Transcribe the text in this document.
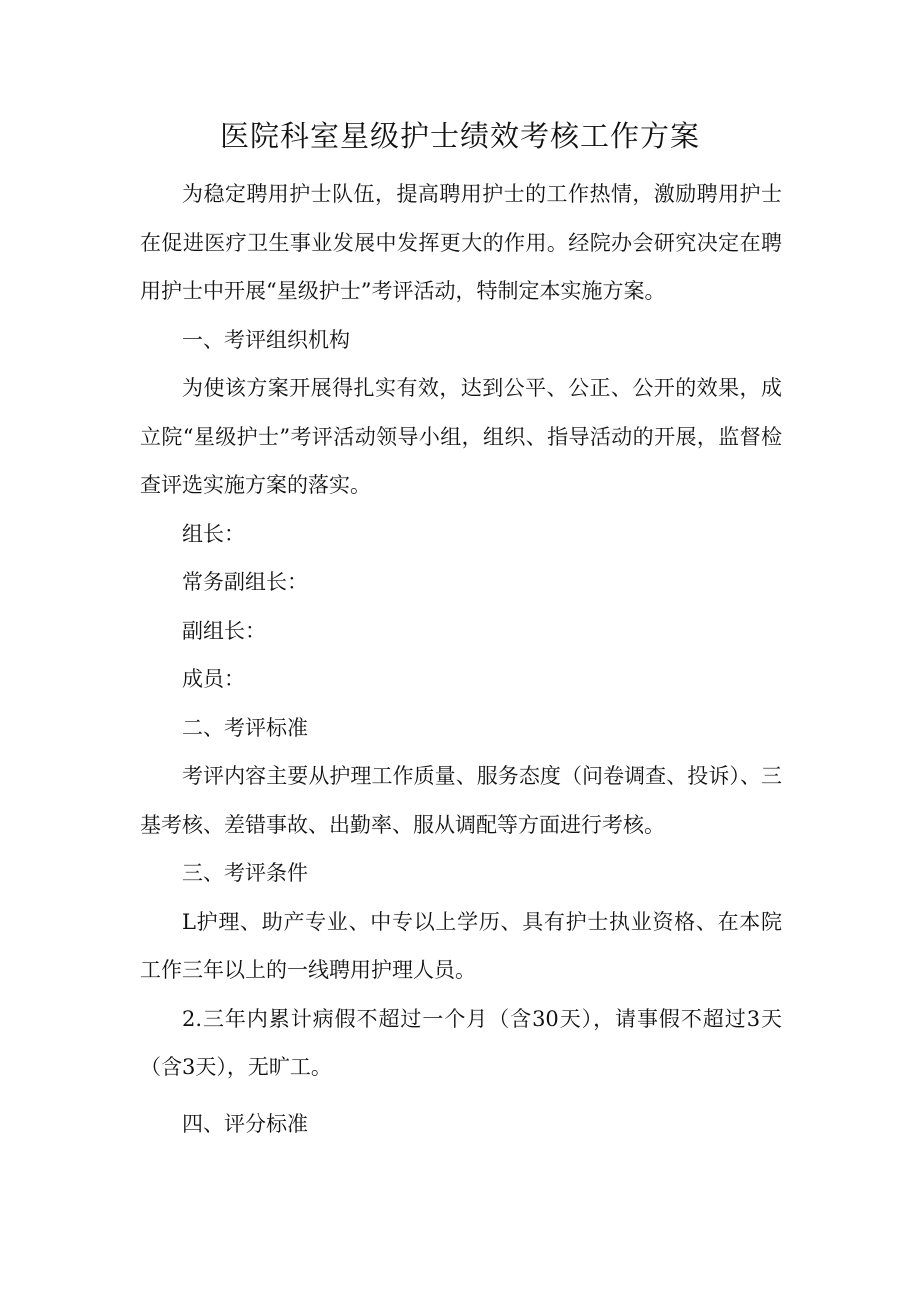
医院科室星级护士绩效考核工作方案

为稳定聘用护士队伍，提高聘用护士的工作热情，激励聘用护士在促进医疗卫生事业发展中发挥更大的作用。经院办会研究决定在聘用护士中开展“星级护士”考评活动，特制定本实施方案。

一、考评组织机构

为使该方案开展得扎实有效，达到公平、公正、公开的效果，成立院“星级护士”考评活动领导小组，组织、指导活动的开展，监督检查评选实施方案的落实。

组长：

常务副组长：

副组长：

成员：

二、考评标准

考评内容主要从护理工作质量、服务态度（问卷调查、投诉）、三基考核、差错事故、出勤率、服从调配等方面进行考核。

三、考评条件

L护理、助产专业、中专以上学历、具有护士执业资格、在本院工作三年以上的一线聘用护理人员。

2.三年内累计病假不超过一个月（含30天），请事假不超过3天（含3天），无旷工。

四、评分标准
